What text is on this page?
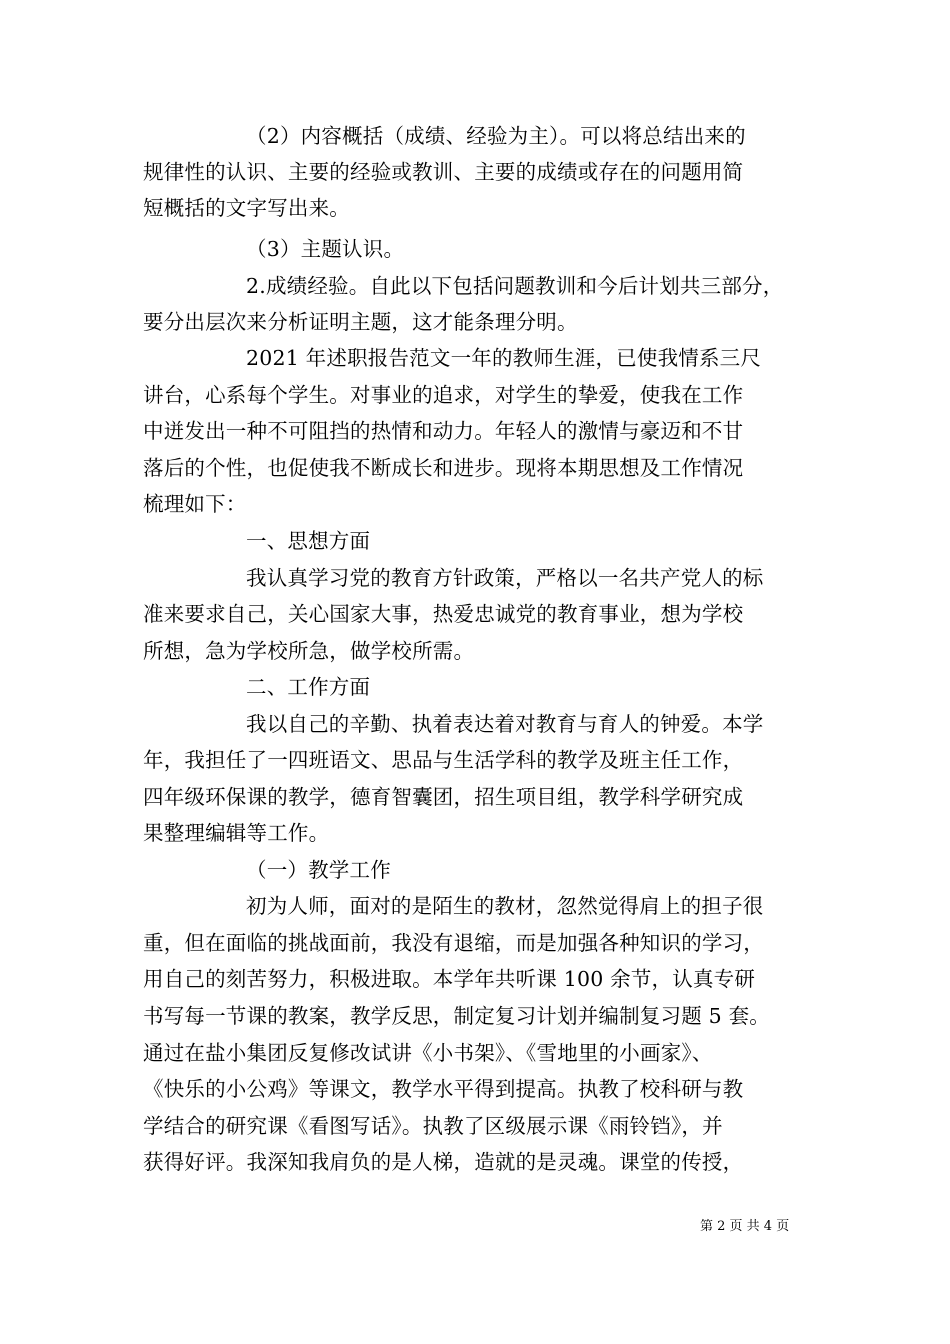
（2）内容概括（成绩、经验为主）。可以将总结出来的
规律性的认识、主要的经验或教训、主要的成绩或存在的问题用简
短概括的文字写出来。
（3）主题认识。
2.成绩经验。自此以下包括问题教训和今后计划共三部分，
要分出层次来分析证明主题，这才能条理分明。
2021 年述职报告范文一年的教师生涯，已使我情系三尺
讲台，心系每个学生。对事业的追求，对学生的挚爱，使我在工作
中迸发出一种不可阻挡的热情和动力。年轻人的激情与豪迈和不甘
落后的个性，也促使我不断成长和进步。现将本期思想及工作情况
梳理如下：
一、思想方面
我认真学习党的教育方针政策，严格以一名共产党人的标
准来要求自己，关心国家大事，热爱忠诚党的教育事业，想为学校
所想，急为学校所急，做学校所需。
二、工作方面
我以自己的辛勤、执着表达着对教育与育人的钟爱。本学
年，我担任了一四班语文、思品与生活学科的教学及班主任工作，
四年级环保课的教学，德育智囊团，招生项目组，教学科学研究成
果整理编辑等工作。
（一）教学工作
初为人师，面对的是陌生的教材，忽然觉得肩上的担子很
重，但在面临的挑战面前，我没有退缩，而是加强各种知识的学习，
用自己的刻苦努力，积极进取。本学年共听课 100 余节，认真专研
书写每一节课的教案，教学反思，制定复习计划并编制复习题 5 套。
通过在盐小集团反复修改试讲《小书架》、《雪地里的小画家》、
《快乐的小公鸡》等课文，教学水平得到提高。执教了校科研与教
学结合的研究课《看图写话》。执教了区级展示课《雨铃铛》，并
获得好评。我深知我肩负的是人梯，造就的是灵魂。课堂的传授，
第 2 页 共 4 页
